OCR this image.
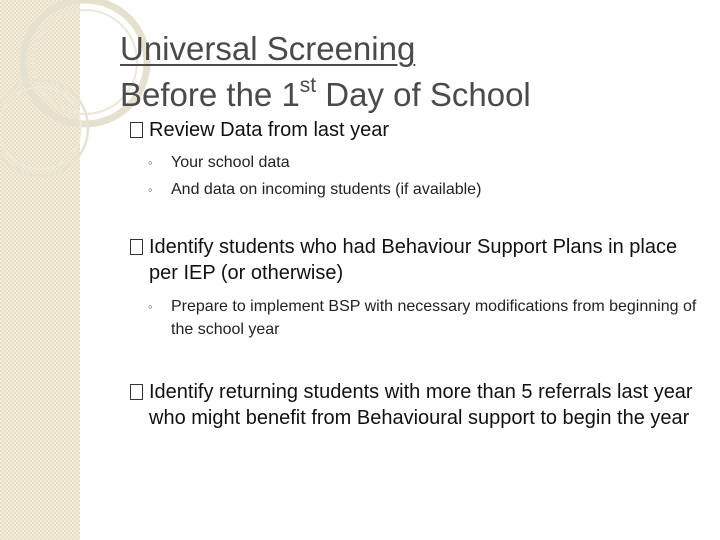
Universal Screening
Before the 1st Day of School
Review Data from last year
◦ Your school data
◦ And data on incoming students (if available)
Identify students who had Behaviour Support Plans in place per IEP (or otherwise)
◦ Prepare to implement BSP with necessary modifications from beginning of the school year
Identify returning students with more than 5 referrals last year who might benefit from Behavioural support to begin the year
